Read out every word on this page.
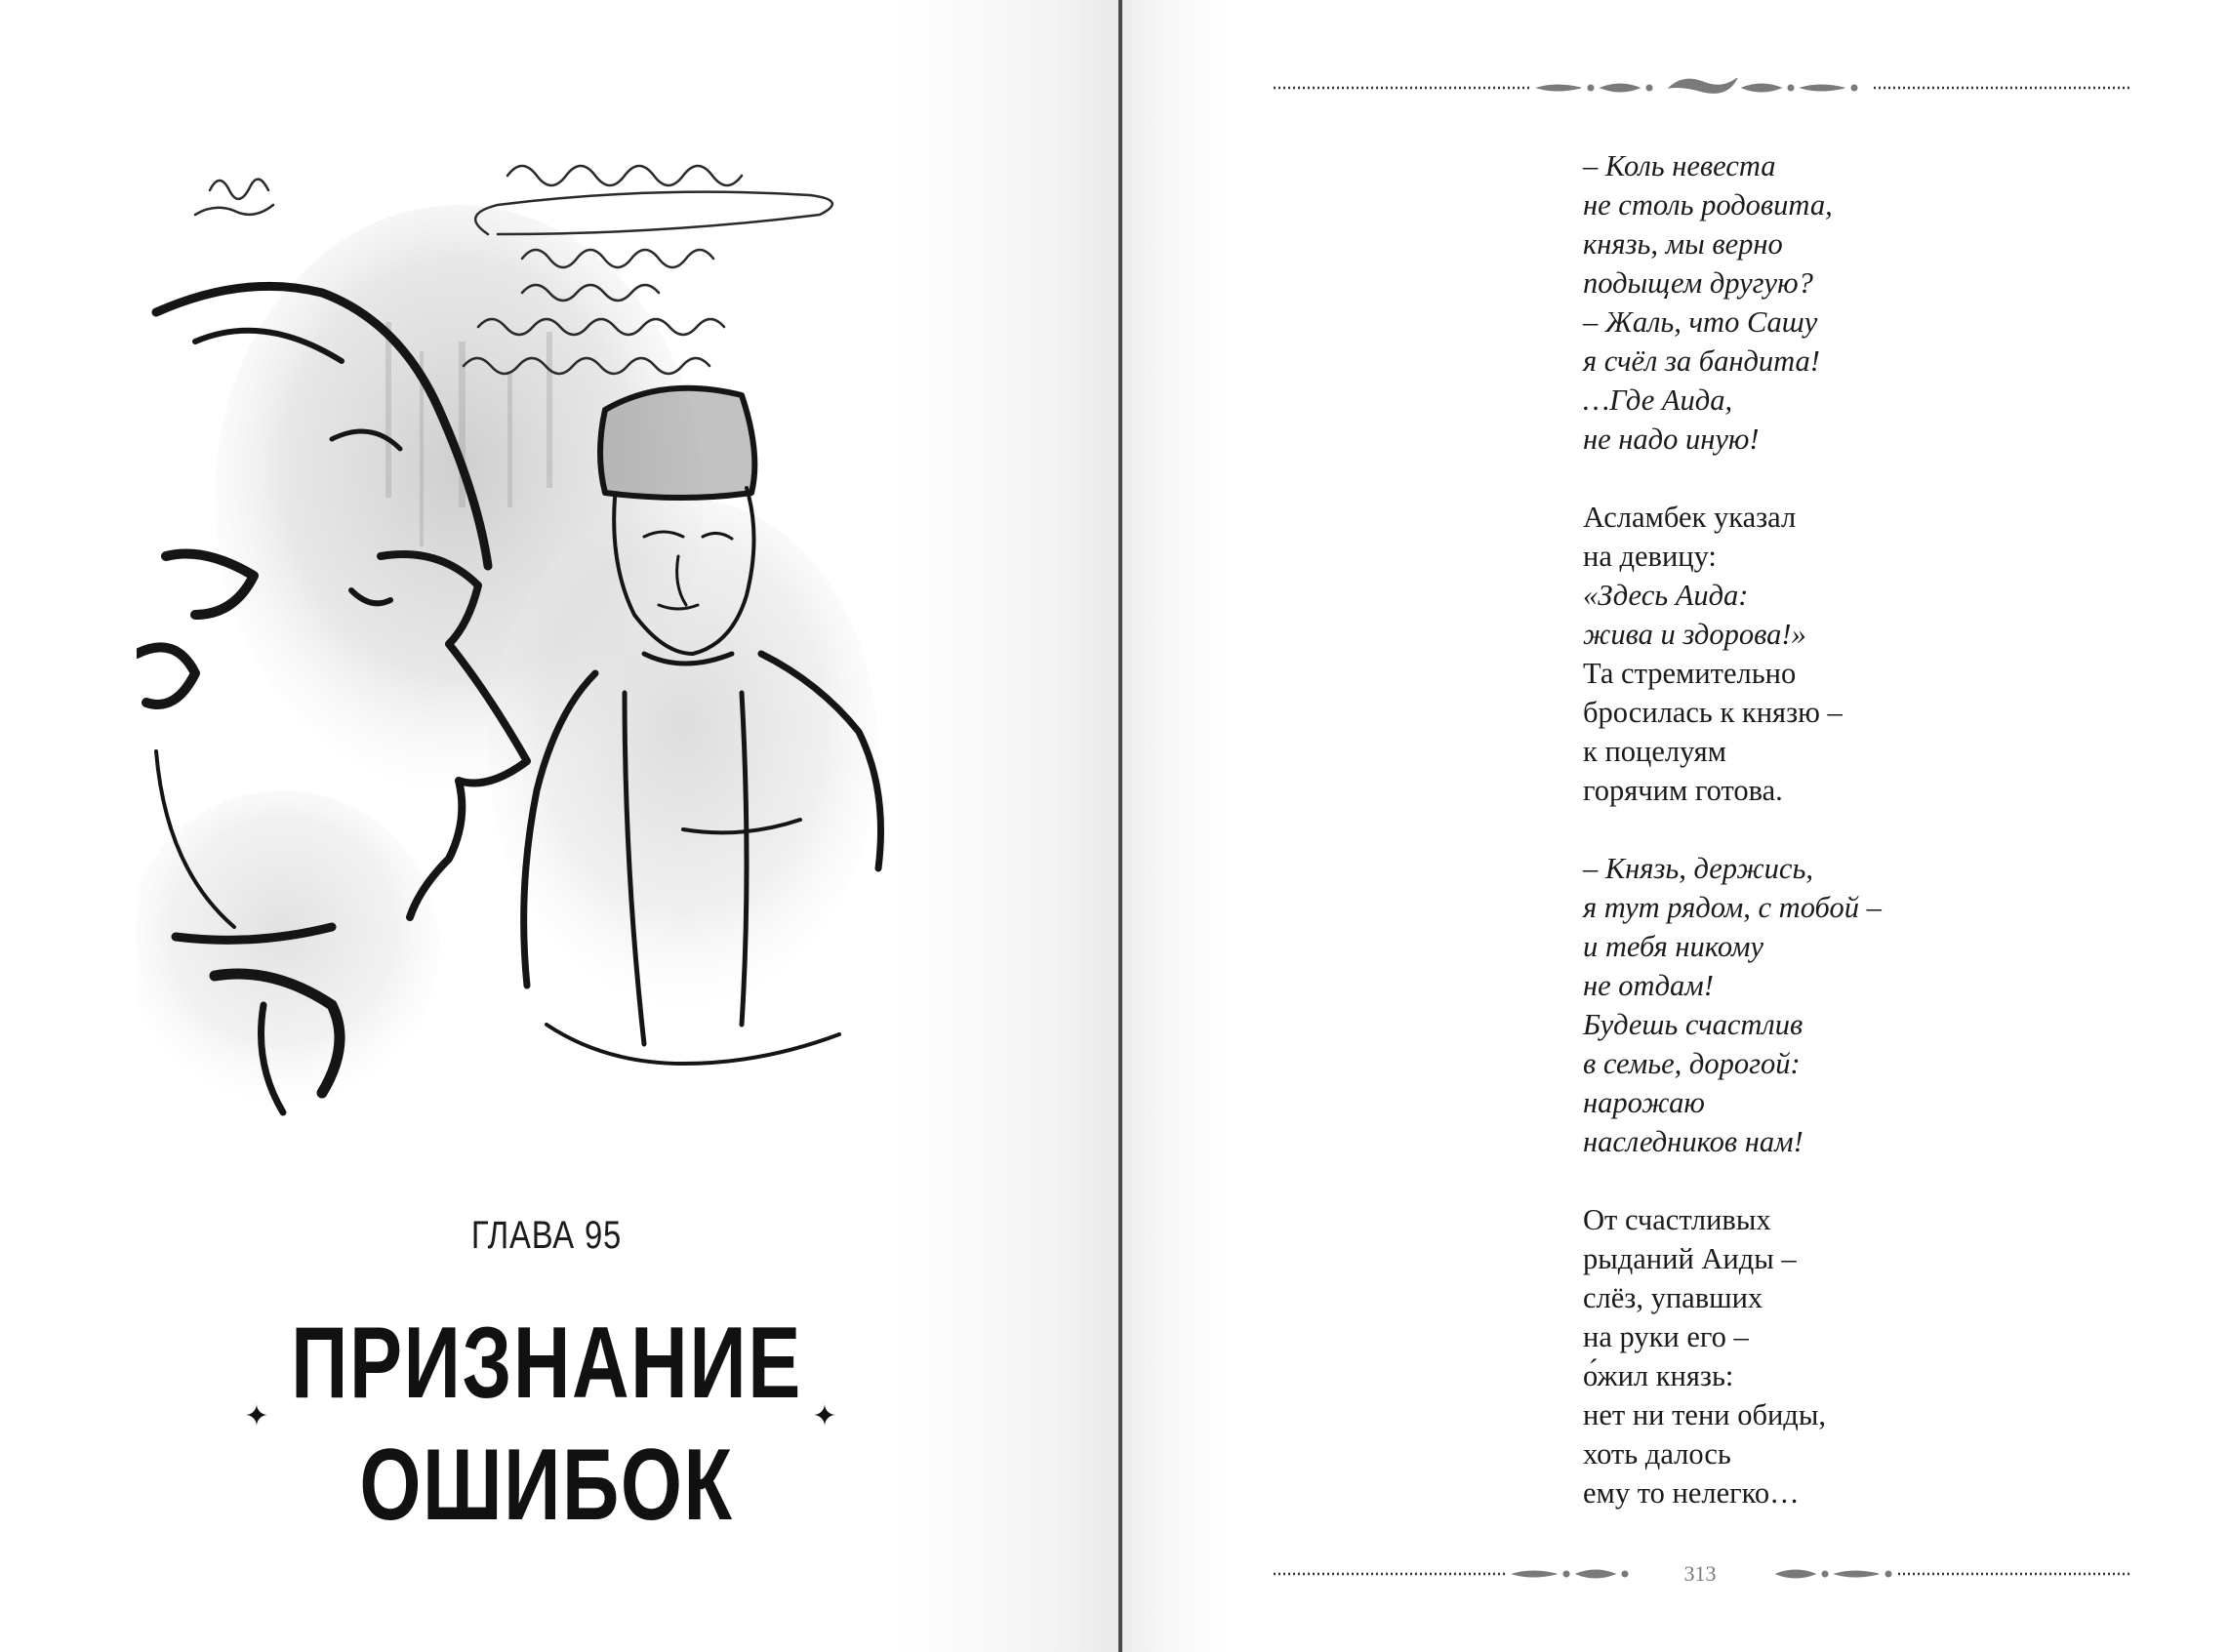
ГЛАВА 95
ПРИЗНАНИЕ
ОШИБОК
✦	✦
– Коль невеста
не столь родовита,
князь, мы верно
подыщем другую?
– Жаль, что Сашу
я счёл за бандита!
…Где Аида,
не надо иную!
Асламбек указал
на девицу:
«Здесь Аида:
жива и здорова!»
Та стремительно
бросилась к князю –
к поцелуям
горячим готова.
– Князь, держись,
я тут рядом, с тобой –
и тебя никому
не отдам!
Будешь счастлив
в семье, дорогой:
нарожаю
наследников нам!
От счастливых
рыданий Аиды –
слёз, упавших
на руки его –
о́жил князь:
нет ни тени обиды,
хоть далось
ему то нелегко…
313
